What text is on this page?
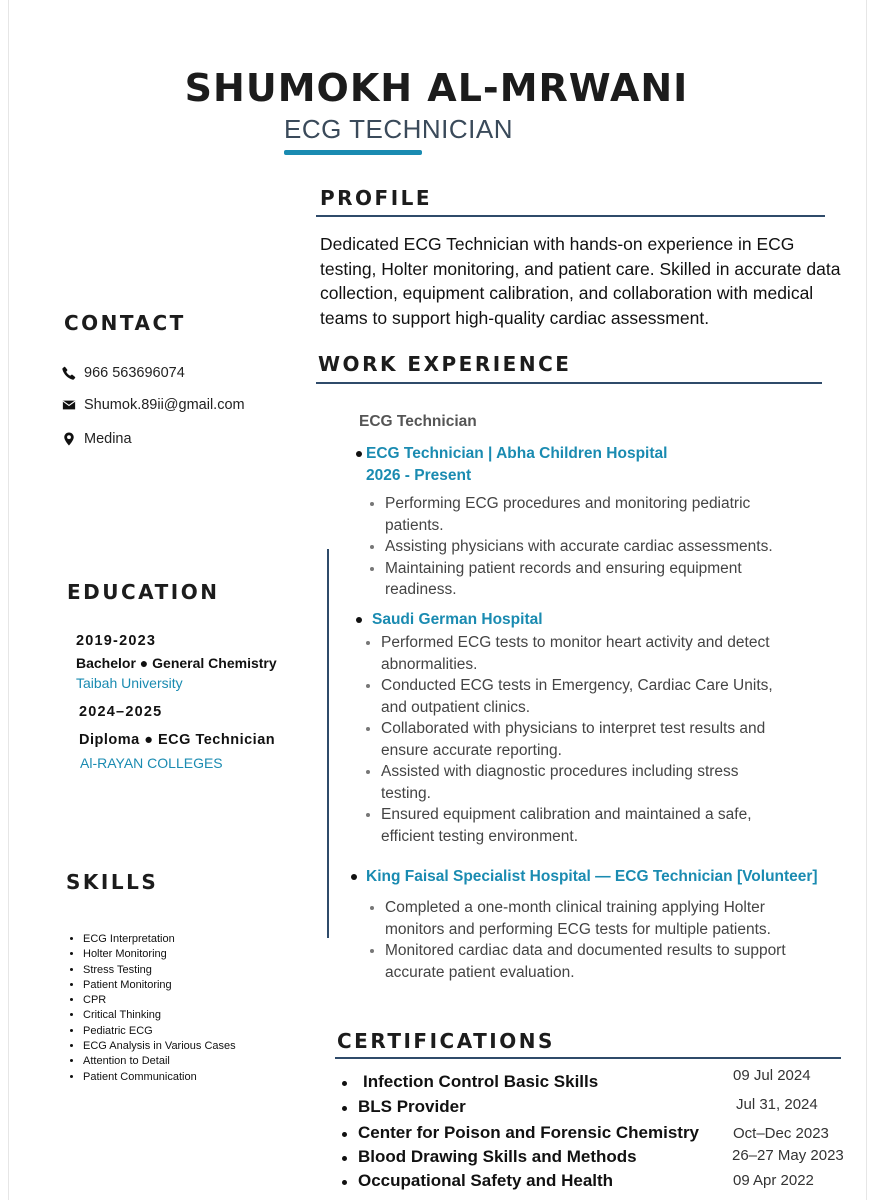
SHUMOKH AL-MRWANI
ECG TECHNICIAN
PROFILE
Dedicated ECG Technician with hands-on experience in ECG testing, Holter monitoring, and patient care. Skilled in accurate data collection, equipment calibration, and collaboration with medical teams to support high-quality cardiac assessment.
CONTACT
966 563696074
Shumok.89ii@gmail.com
Medina
EDUCATION
2019-2023
Bachelor ● General Chemistry
Taibah University
2024–2025
Diploma ● ECG Technician
Al-RAYAN COLLEGES
SKILLS
• ECG Interpretation
• Holter Monitoring
• Stress Testing
• Patient Monitoring
• CPR
• Critical Thinking
• Pediatric ECG
• ECG Analysis in Various Cases
• Attention to Detail
• Patient Communication
WORK EXPERIENCE
ECG Technician
ECG Technician | Abha Children Hospital
2026 - Present
• Performing ECG procedures and monitoring pediatric patients.
• Assisting physicians with accurate cardiac assessments.
• Maintaining patient records and ensuring equipment readiness.
Saudi German Hospital
• Performed ECG tests to monitor heart activity and detect abnormalities.
• Conducted ECG tests in Emergency, Cardiac Care Units, and outpatient clinics.
• Collaborated with physicians to interpret test results and ensure accurate reporting.
• Assisted with diagnostic procedures including stress testing.
• Ensured equipment calibration and maintained a safe, efficient testing environment.
King Faisal Specialist Hospital — ECG Technician [Volunteer]
• Completed a one-month clinical training applying Holter monitors and performing ECG tests for multiple patients.
• Monitored cardiac data and documented results to support accurate patient evaluation.
CERTIFICATIONS
Infection Control Basic Skills	09 Jul 2024
BLS Provider	Jul 31, 2024
Center for Poison and Forensic Chemistry Oct–Dec 2023
Blood Drawing Skills and Methods	26–27 May 2023
Occupational Safety and Health	09 Apr 2022
